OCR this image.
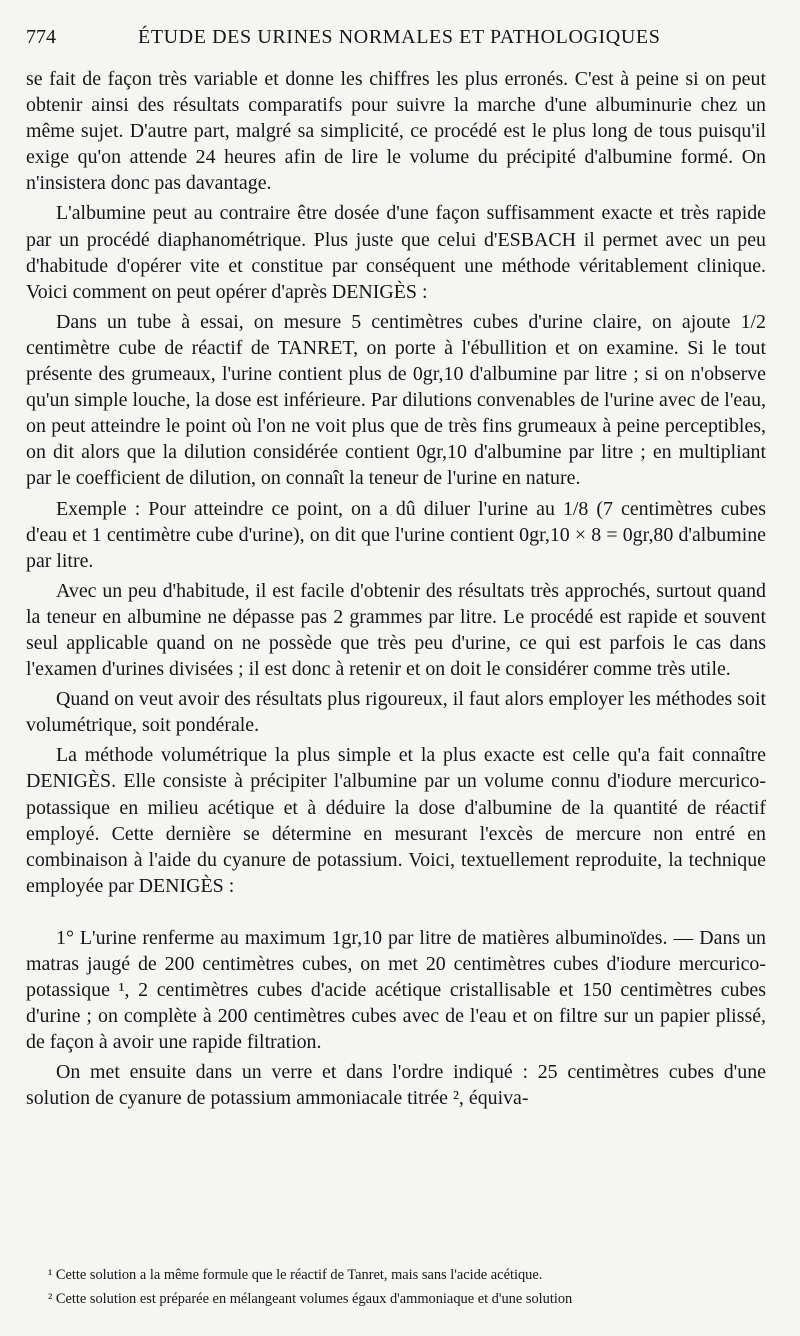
774	ÉTUDE DES URINES NORMALES ET PATHOLOGIQUES

se fait de façon très variable et donne les chiffres les plus erronés. C'est à peine si on peut obtenir ainsi des résultats comparatifs pour suivre la marche d'une albuminurie chez un même sujet. D'autre part, malgré sa simplicité, ce procédé est le plus long de tous puisqu'il exige qu'on attende 24 heures afin de lire le volume du précipité d'albumine formé. On n'insistera donc pas davantage.

L'albumine peut au contraire être dosée d'une façon suffisamment exacte et très rapide par un procédé diaphanométrique. Plus juste que celui d'ESBACH il permet avec un peu d'habitude d'opérer vite et constitue par conséquent une méthode véritablement clinique. Voici comment on peut opérer d'après DENIGÈS :

Dans un tube à essai, on mesure 5 centimètres cubes d'urine claire, on ajoute 1/2 centimètre cube de réactif de TANRET, on porte à l'ébullition et on examine. Si le tout présente des grumeaux, l'urine contient plus de 0gr,10 d'albumine par litre ; si on n'observe qu'un simple louche, la dose est inférieure. Par dilutions convenables de l'urine avec de l'eau, on peut atteindre le point où l'on ne voit plus que de très fins grumeaux à peine perceptibles, on dit alors que la dilution considérée contient 0gr,10 d'albumine par litre ; en multipliant par le coefficient de dilution, on connaît la teneur de l'urine en nature.

Exemple : Pour atteindre ce point, on a dû diluer l'urine au 1/8 (7 centimètres cubes d'eau et 1 centimètre cube d'urine), on dit que l'urine contient 0gr,10 × 8 = 0gr,80 d'albumine par litre.

Avec un peu d'habitude, il est facile d'obtenir des résultats très approchés, surtout quand la teneur en albumine ne dépasse pas 2 grammes par litre. Le procédé est rapide et souvent seul applicable quand on ne possède que très peu d'urine, ce qui est parfois le cas dans l'examen d'urines divisées ; il est donc à retenir et on doit le considérer comme très utile.

Quand on veut avoir des résultats plus rigoureux, il faut alors employer les méthodes soit volumétrique, soit pondérale.

La méthode volumétrique la plus simple et la plus exacte est celle qu'a fait connaître DENIGÈS. Elle consiste à précipiter l'albumine par un volume connu d'iodure mercurico-potassique en milieu acétique et à déduire la dose d'albumine de la quantité de réactif employé. Cette dernière se détermine en mesurant l'excès de mercure non entré en combinaison à l'aide du cyanure de potassium. Voici, textuellement reproduite, la technique employée par DENIGÈS :

1° L'urine renferme au maximum 1gr,10 par litre de matières albuminoïdes. — Dans un matras jaugé de 200 centimètres cubes, on met 20 centimètres cubes d'iodure mercurico-potassique ¹, 2 centimètres cubes d'acide acétique cristallisable et 150 centimètres cubes d'urine ; on complète à 200 centimètres cubes avec de l'eau et on filtre sur un papier plissé, de façon à avoir une rapide filtration.

On met ensuite dans un verre et dans l'ordre indiqué : 25 centimètres cubes d'une solution de cyanure de potassium ammoniacale titrée ², équiva-

¹ Cette solution a la même formule que le réactif de Tanret, mais sans l'acide acétique.

² Cette solution est préparée en mélangeant volumes égaux d'ammoniaque et d'une solution
